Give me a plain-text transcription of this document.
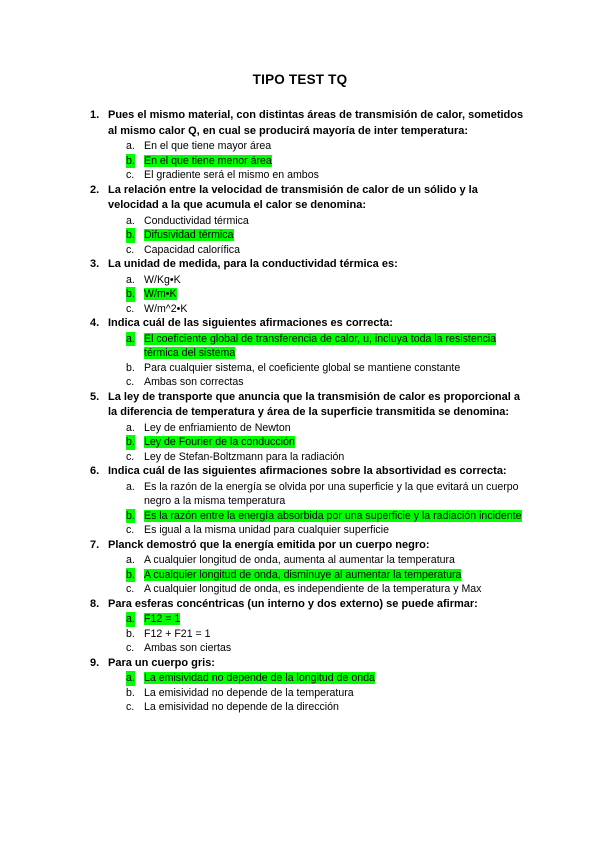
TIPO TEST TQ
1. Pues el mismo material, con distintas áreas de transmisión de calor, sometidos al mismo calor Q, en cual se producirá mayoría de inter temperatura:
a. En el que tiene mayor área
b. En el que tiene menor área
c. El gradiente será el mismo en ambos
2. La relación entre la velocidad de transmisión de calor de un sólido y la velocidad a la que acumula el calor se denomina:
a. Conductividad térmica
b. Difusividad térmica
c. Capacidad calorífica
3. La unidad de medida, para la conductividad térmica es:
a. W/Kg•K
b. W/m•K
c. W/m^2•K
4. Indica cuál de las siguientes afirmaciones es correcta:
a. El coeficiente global de transferencia de calor, u, incluya toda la resistencia térmica del sistema
b. Para cualquier sistema, el coeficiente global se mantiene constante
c. Ambas son correctas
5. La ley de transporte que anuncia que la transmisión de calor es proporcional a la diferencia de temperatura y área de la superficie transmitida se denomina:
a. Ley de enfriamiento de Newton
b. Ley de Fourier de la conducción
c. Ley de Stefan-Boltzmann para la radiación
6. Indica cuál de las siguientes afirmaciones sobre la absortividad es correcta:
a. Es la razón de la energía se olvida por una superficie y la que evitará un cuerpo negro a la misma temperatura
b. Es la razón entre la energía absorbida por una superficie y la radiación incidente
c. Es igual a la misma unidad para cualquier superficie
7. Planck demostró que la energía emitida por un cuerpo negro:
a. A cualquier longitud de onda, aumenta al aumentar la temperatura
b. A cualquier longitud de onda, disminuye al aumentar la temperatura
c. A cualquier longitud de onda, es independiente de la temperatura y Max
8. Para esferas concéntricas (un interno y dos externo) se puede afirmar:
a. F12 = 1
b. F12 + F21 = 1
c. Ambas son ciertas
9. Para un cuerpo gris:
a. La emisividad no depende de la longitud de onda
b. La emisividad no depende de la temperatura
c. La emisividad no depende de la dirección
